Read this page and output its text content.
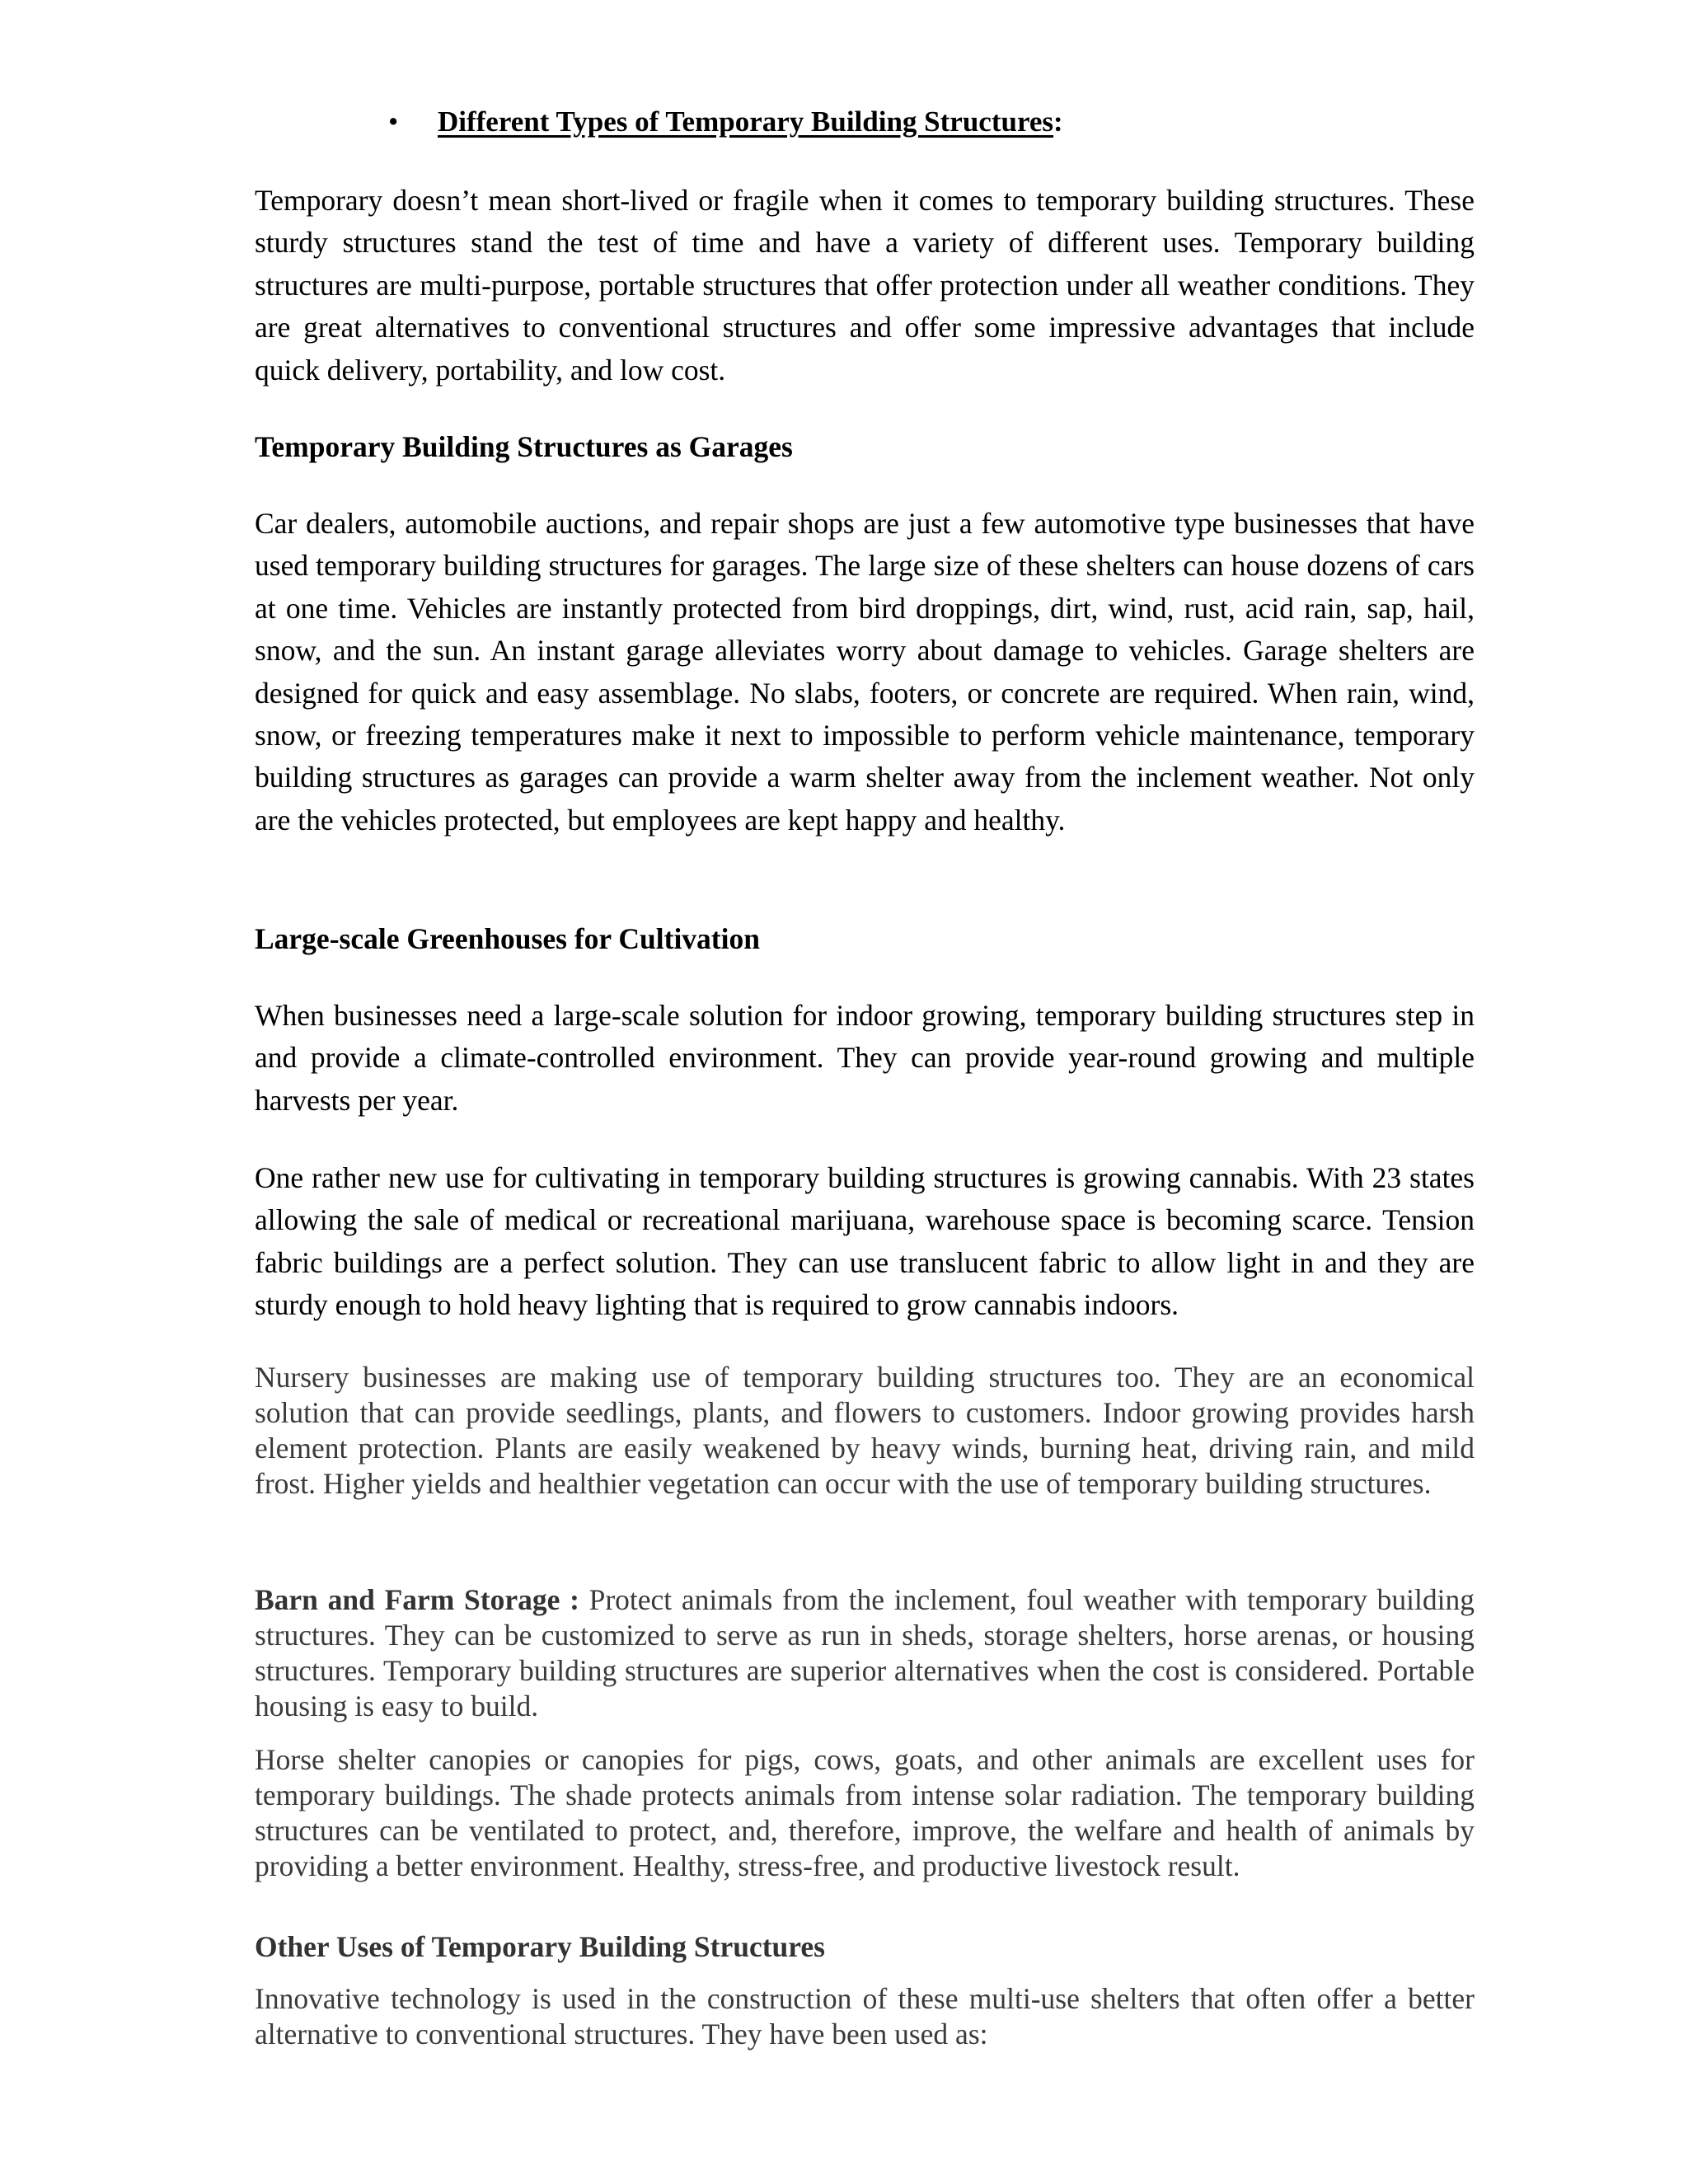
• Different Types of Temporary Building Structures:

Temporary doesn’t mean short-lived or fragile when it comes to temporary building structures. These sturdy structures stand the test of time and have a variety of different uses. Temporary building structures are multi-purpose, portable structures that offer protection under all weather conditions. They are great alternatives to conventional structures and offer some impressive advantages that include quick delivery, portability, and low cost.

Temporary Building Structures as Garages

Car dealers, automobile auctions, and repair shops are just a few automotive type businesses that have used temporary building structures for garages. The large size of these shelters can house dozens of cars at one time. Vehicles are instantly protected from bird droppings, dirt, wind, rust, acid rain, sap, hail, snow, and the sun. An instant garage alleviates worry about damage to vehicles. Garage shelters are designed for quick and easy assemblage. No slabs, footers, or concrete are required. When rain, wind, snow, or freezing temperatures make it next to impossible to perform vehicle maintenance, temporary building structures as garages can provide a warm shelter away from the inclement weather. Not only are the vehicles protected, but employees are kept happy and healthy.

Large-scale Greenhouses for Cultivation

When businesses need a large-scale solution for indoor growing, temporary building structures step in and provide a climate-controlled environment. They can provide year-round growing and multiple harvests per year.

One rather new use for cultivating in temporary building structures is growing cannabis. With 23 states allowing the sale of medical or recreational marijuana, warehouse space is becoming scarce. Tension fabric buildings are a perfect solution. They can use translucent fabric to allow light in and they are sturdy enough to hold heavy lighting that is required to grow cannabis indoors.

Nursery businesses are making use of temporary building structures too. They are an economical solution that can provide seedlings, plants, and flowers to customers. Indoor growing provides harsh element protection. Plants are easily weakened by heavy winds, burning heat, driving rain, and mild frost. Higher yields and healthier vegetation can occur with the use of temporary building structures.

Barn and Farm Storage : Protect animals from the inclement, foul weather with temporary building structures. They can be customized to serve as run in sheds, storage shelters, horse arenas, or housing structures. Temporary building structures are superior alternatives when the cost is considered. Portable housing is easy to build.

Horse shelter canopies or canopies for pigs, cows, goats, and other animals are excellent uses for temporary buildings. The shade protects animals from intense solar radiation. The temporary building structures can be ventilated to protect, and, therefore, improve, the welfare and health of animals by providing a better environment. Healthy, stress-free, and productive livestock result.

Other Uses of Temporary Building Structures

Innovative technology is used in the construction of these multi-use shelters that often offer a better alternative to conventional structures. They have been used as:
